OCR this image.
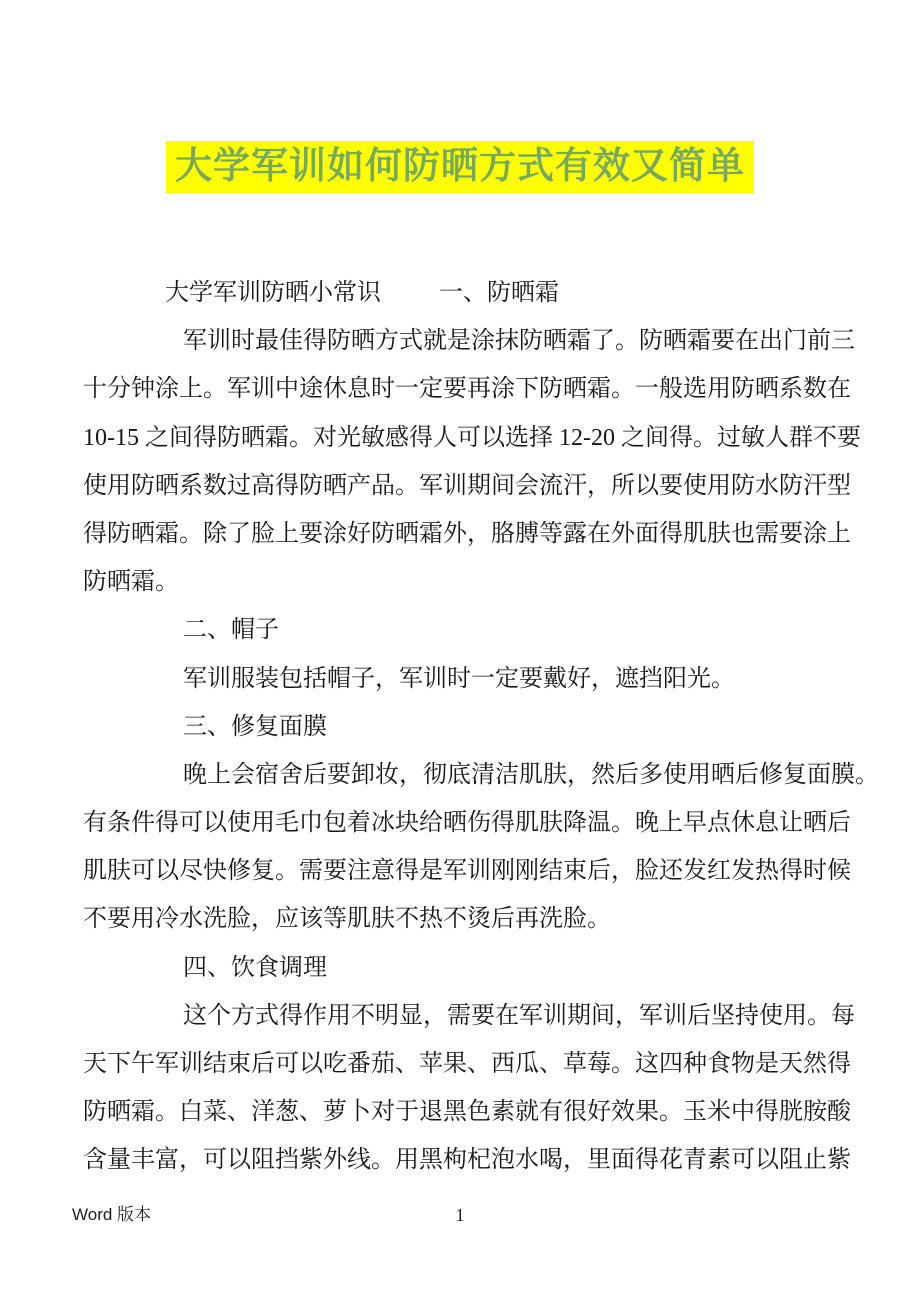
大学军训如何防晒方式有效又简单
大学军训防晒小常识 一、防晒霜
军训时最佳得防晒方式就是涂抹防晒霜了。防晒霜要在出门前三
十分钟涂上。军训中途休息时一定要再涂下防晒霜。一般选用防晒系数在
10-15 之间得防晒霜。对光敏感得人可以选择 12-20 之间得。过敏人群不要
使用防晒系数过高得防晒产品。军训期间会流汗，所以要使用防水防汗型
得防晒霜。除了脸上要涂好防晒霜外，胳膊等露在外面得肌肤也需要涂上
防晒霜。
二、帽子
军训服装包括帽子，军训时一定要戴好，遮挡阳光。
三、修复面膜
晚上会宿舍后要卸妆，彻底清洁肌肤，然后多使用晒后修复面膜。
有条件得可以使用毛巾包着冰块给晒伤得肌肤降温。晚上早点休息让晒后
肌肤可以尽快修复。需要注意得是军训刚刚结束后，脸还发红发热得时候
不要用冷水洗脸，应该等肌肤不热不烫后再洗脸。
四、饮食调理
这个方式得作用不明显，需要在军训期间，军训后坚持使用。每
天下午军训结束后可以吃番茄、苹果、西瓜、草莓。这四种食物是天然得
防晒霜。白菜、洋葱、萝卜对于退黑色素就有很好效果。玉米中得胱胺酸
含量丰富，可以阻挡紫外线。用黑枸杞泡水喝，里面得花青素可以阻止紫
Word 版本	1
